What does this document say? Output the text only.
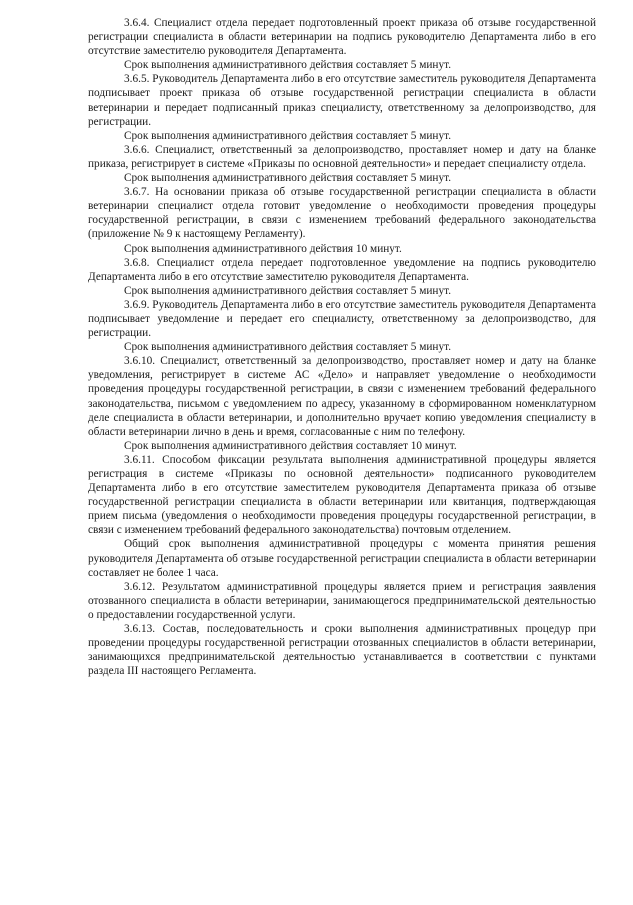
3.6.4. Специалист отдела передает подготовленный проект приказа об отзыве государственной регистрации специалиста в области ветеринарии на подпись руководителю Департамента либо в его отсутствие заместителю руководителя Департамента.

Срок выполнения административного действия составляет 5 минут.

3.6.5. Руководитель Департамента либо в его отсутствие заместитель руководителя Департамента подписывает проект приказа об отзыве государственной регистрации специалиста в области ветеринарии и передает подписанный приказ специалисту, ответственному за делопроизводство, для регистрации.

Срок выполнения административного действия составляет 5 минут.

3.6.6. Специалист, ответственный за делопроизводство, проставляет номер и дату на бланке приказа, регистрирует в системе «Приказы по основной деятельности» и передает специалисту отдела.

Срок выполнения административного действия составляет 5 минут.

3.6.7. На основании приказа об отзыве государственной регистрации специалиста в области ветеринарии специалист отдела готовит уведомление о необходимости проведения процедуры государственной регистрации, в связи с изменением требований федерального законодательства (приложение № 9 к настоящему Регламенту).

Срок выполнения административного действия 10 минут.

3.6.8. Специалист отдела передает подготовленное уведомление на подпись руководителю Департамента либо в его отсутствие заместителю руководителя Департамента.

Срок выполнения административного действия составляет 5 минут.

3.6.9. Руководитель Департамента либо в его отсутствие заместитель руководителя Департамента подписывает уведомление и передает его специалисту, ответственному за делопроизводство, для регистрации.

Срок выполнения административного действия составляет 5 минут.

3.6.10. Специалист, ответственный за делопроизводство, проставляет номер и дату на бланке уведомления, регистрирует в системе АС «Дело» и направляет уведомление о необходимости проведения процедуры государственной регистрации, в связи с изменением требований федерального законодательства, письмом с уведомлением по адресу, указанному в сформированном номенклатурном деле специалиста в области ветеринарии, и дополнительно вручает копию уведомления специалисту в области ветеринарии лично в день и время, согласованные с ним по телефону.

Срок выполнения административного действия составляет 10 минут.

3.6.11. Способом фиксации результата выполнения административной процедуры является регистрация в системе «Приказы по основной деятельности» подписанного руководителем Департамента либо в его отсутствие заместителем руководителя Департамента приказа об отзыве государственной регистрации специалиста в области ветеринарии или квитанция, подтверждающая прием письма (уведомления о необходимости проведения процедуры государственной регистрации, в связи с изменением требований федерального законодательства) почтовым отделением.

Общий срок выполнения административной процедуры с момента принятия решения руководителя Департамента об отзыве государственной регистрации специалиста в области ветеринарии составляет не более 1 часа.

3.6.12. Результатом административной процедуры является прием и регистрация заявления отозванного специалиста в области ветеринарии, занимающегося предпринимательской деятельностью о предоставлении государственной услуги.

3.6.13. Состав, последовательность и сроки выполнения административных процедур при проведении процедуры государственной регистрации отозванных специалистов в области ветеринарии, занимающихся предпринимательской деятельностью устанавливается в соответствии с пунктами раздела III настоящего Регламента.
